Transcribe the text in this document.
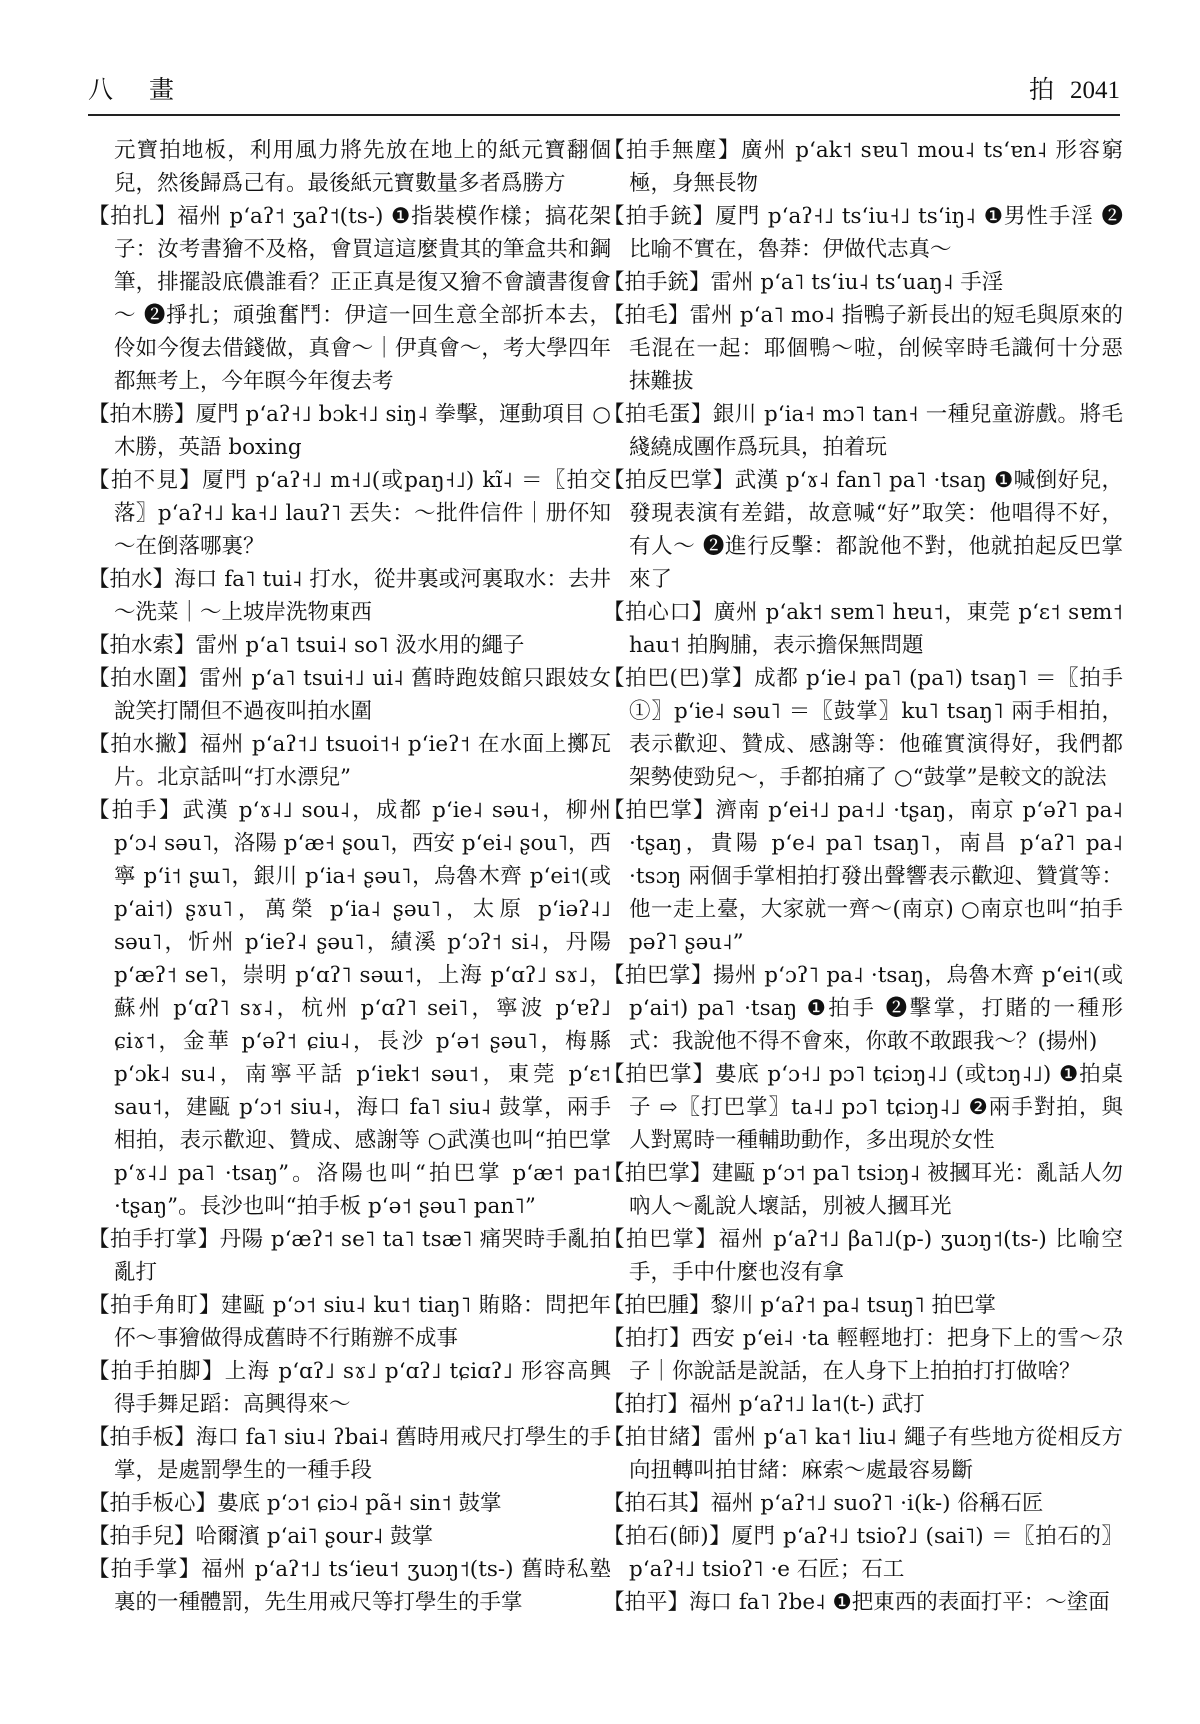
八 畫	拍 2041

元寶拍地板，利用風力將先放在地上的紙元寶翻個兒，然後歸爲己有。最後紙元寶數量多者爲勝方

【拍扎】福州 pʻaʔ˦ ʒaʔ˦(ts-) ❶指裝模作樣；搞花架子：汝考書獪不及格，會買這這麼貴其的筆盒共和鋼筆，排擺設底儂誰看？正正真是復又獪不會讀書復會～ ❷掙扎；頑強奮鬥：伊這一回生意全部折本去，伶如今復去借錢做，真會～｜伊真會～，考大學四年都無考上，今年暝今年復去考

【拍木勝】厦門 pʻaʔ˧˩ bɔk˧˩ siŋ˨ 拳擊，運動項目 ○木勝，英語 boxing

【拍不見】厦門 pʻaʔ˧˩ m˧˩(或paŋ˧˩) kĩ˨ ＝〖拍交落〗pʻaʔ˧˩ ka˧˩ lauʔ˥ 丟失：～批件信件｜册伓知～在倒落哪裏？

【拍水】海口 fa˥ tui˨ 打水，從井裏或河裏取水：去井～洗菜｜～上坡岸洗物東西

【拍水索】雷州 pʻa˥ tsui˨ so˥ 汲水用的繩子

【拍水圍】雷州 pʻa˥ tsui˧˩ ui˨ 舊時跑妓館只跟妓女說笑打鬧但不過夜叫拍水圍

【拍水撇】福州 pʻaʔ˦˩ tsuoi˦˧ pʻieʔ˦ 在水面上擲瓦片。北京話叫“打水漂兒”

【拍手】武漢 pʻɤ˨˩ sou˨，成都 pʻie˨ səu˧，柳州 pʻɔ˨ səu˥，洛陽 pʻæ˧ ʂou˥，西安 pʻei˨ ʂou˥，西寧 pʻi˦ ʂɯ˥，銀川 pʻia˧ ʂəu˥，烏魯木齊 pʻei˦(或pʻai˦) ʂɤu˥，萬榮 pʻia˨ ʂəu˥，太原 pʻiəʔ˨˩ səu˥，忻州 pʻieʔ˨ ʂəu˥，績溪 pʻɔʔ˦ si˨，丹陽 pʻæʔ˦ se˥，崇明 pʻɑʔ˥ səɯ˦，上海 pʻɑʔ˩ sɤ˩，蘇州 pʻɑʔ˥ sɤ˨，杭州 pʻɑʔ˥ sei˥，寧波 pʻɐʔ˩ ɕiɤ˦，金華 pʻəʔ˦ ɕiu˨，長沙 pʻə˦ ʂəu˥，梅縣 pʻɔk˨ su˨，南寧平話 pʻiɐk˦ səu˦，東莞 pʻɛ˦ sau˦，建甌 pʻɔ˦ siu˨，海口 fa˥ siu˨ 鼓掌，兩手相拍，表示歡迎、贊成、感謝等 ○武漢也叫“拍巴掌 pʻɤ˨˩ pa˥ ·tsaŋ”。洛陽也叫“拍巴掌 pʻæ˦ pa˦ ·tʂaŋ”。長沙也叫“拍手板 pʻə˦ ʂəu˥ pan˥”

【拍手打掌】丹陽 pʻæʔ˦ se˥ ta˥ tsæ˥ 痛哭時手亂拍亂打

【拍手角盯】建甌 pʻɔ˦ siu˨ ku˦ tiaŋ˥ 賄賂：問把年伓～事獪做得成舊時不行賄辦不成事

【拍手拍脚】上海 pʻɑʔ˩ sɤ˩ pʻɑʔ˩ tɕiɑʔ˩ 形容高興得手舞足蹈：高興得來～

【拍手板】海口 fa˥ siu˨ ʔbai˨ 舊時用戒尺打學生的手掌，是處罰學生的一種手段

【拍手板心】婁底 pʻɔ˦ ɕiɔ˨ pã˧ sin˦ 鼓掌

【拍手兒】哈爾濱 pʻai˥ ʂour˨ 鼓掌

【拍手掌】福州 pʻaʔ˦˩ tsʻieu˦ ʒuɔŋ˦(ts-) 舊時私塾裏的一種體罰，先生用戒尺等打學生的手掌

【拍手無塵】廣州 pʻak˦ sɐu˥ mou˨ tsʻɐn˨ 形容窮極，身無長物

【拍手銃】厦門 pʻaʔ˧˩ tsʻiu˧˩ tsʻiŋ˨ ❶男性手淫 ❷比喻不實在，魯莽：伊做代志真～

【拍手銃】雷州 pʻa˥ tsʻiu˨ tsʻuaŋ˨ 手淫

【拍毛】雷州 pʻa˥ mo˨ 指鴨子新長出的短毛與原來的毛混在一起：耶個鴨～啦，刣候宰時毛識何十分惡抹難拔

【拍毛蛋】銀川 pʻia˧ mɔ˥ tan˧ 一種兒童游戲。將毛綫繞成團作爲玩具，拍着玩

【拍反巴掌】武漢 pʻɤ˨ fan˥ pa˥ ·tsaŋ ❶喊倒好兒，發現表演有差錯，故意喊“好”取笑：他唱得不好，有人～ ❷進行反擊：都說他不對，他就拍起反巴掌來了

【拍心口】廣州 pʻak˦ sɐm˥ hɐu˦，東莞 pʻɛ˦ sɐm˦ hau˦ 拍胸脯，表示擔保無問題

【拍巴(巴)掌】成都 pʻie˨ pa˥ (pa˥) tsaŋ˥ ＝〖拍手①〗pʻie˨ səu˥ ＝〖鼓掌〗ku˥ tsaŋ˥ 兩手相拍，表示歡迎、贊成、感謝等：他確實演得好，我們都架勢使勁兒～，手都拍痛了 ○“鼓掌”是較文的說法

【拍巴掌】濟南 pʻei˧˩ pa˧˩ ·tʂaŋ，南京 pʻəʔ˥ pa˨ ·tʂaŋ，貴陽 pʻe˨ pa˥ tsaŋ˥，南昌 pʻaʔ˥ pa˨ ·tsɔŋ 兩個手掌相拍打發出聲響表示歡迎、贊賞等：他一走上臺，大家就一齊～(南京) ○南京也叫“拍手 pəʔ˥ ʂəu˨”

【拍巴掌】揚州 pʻɔʔ˥ pa˨ ·tsaŋ，烏魯木齊 pʻei˦(或pʻai˦) pa˥ ·tsaŋ ❶拍手 ❷擊掌，打賭的一種形式：我說他不得不會來，你敢不敢跟我～？(揚州)

【拍巴掌】婁底 pʻɔ˧˩ pɔ˥ tɕiɔŋ˨˩ (或tɔŋ˨˩) ❶拍桌子 ⇨〖打巴掌〗ta˨˩ pɔ˥ tɕiɔŋ˨˩ ❷兩手對拍，與人對罵時一種輔助動作，多出現於女性

【拍巴掌】建甌 pʻɔ˦ pa˥ tsiɔŋ˨ 被摑耳光：亂話人勿吶人～亂說人壞話，別被人摑耳光

【拍巴掌】福州 pʻaʔ˦˩ βa˥˩(p-) ʒuɔŋ˦(ts-) 比喻空手，手中什麼也沒有拿

【拍巴腫】黎川 pʻaʔ˦ pa˨ tsuŋ˥ 拍巴掌

【拍打】西安 pʻei˨ ·ta 輕輕地打：把身下上的雪～尕子｜你說話是說話，在人身下上拍拍打打做啥？

【拍打】福州 pʻaʔ˦˩ la˦(t-) 武打

【拍甘緒】雷州 pʻa˥ ka˦ liu˨ 繩子有些地方從相反方向扭轉叫拍甘緒：麻索～處最容易斷

【拍石其】福州 pʻaʔ˦˩ suoʔ˥ ·i(k-) 俗稱石匠

【拍石(師)】厦門 pʻaʔ˧˩ tsioʔ˩ (sai˥) ＝〖拍石的〗pʻaʔ˧˩ tsioʔ˥ ·e 石匠；石工

【拍平】海口 fa˥ ʔbe˨ ❶把東西的表面打平：～塗面
